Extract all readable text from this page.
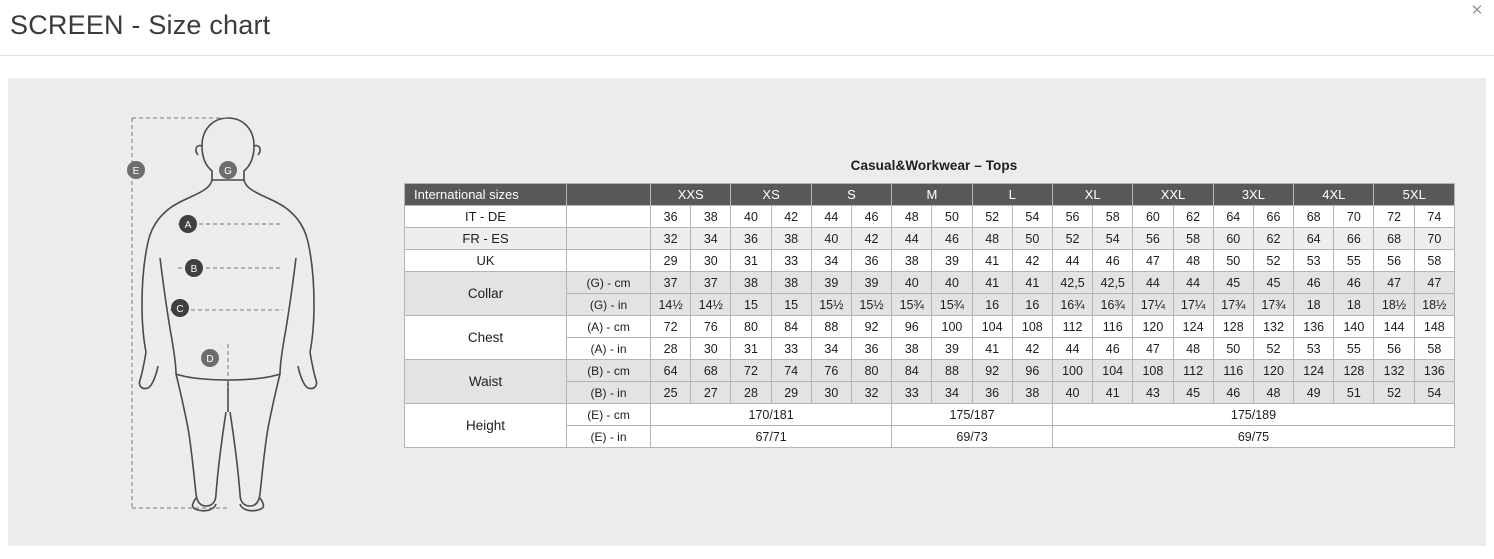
SCREEN - Size chart	✕
E	G
A
B
C
D
Casual&Workwear – Tops
International sizes		XXS		XS		S		M		L		XL		XXL		3XL		4XL		5XL	
IT - DE		36	38	40	42	44	46	48	50	52	54	56	58	60	62	64	66	68	70	72	74
FR - ES		32	34	36	38	40	42	44	46	48	50	52	54	56	58	60	62	64	66	68	70
UK		29	30	31	33	34	36	38	39	41	42	44	46	47	48	50	52	53	55	56	58
Collar	(G) - cm	37	37	38	38	39	39	40	40	41	41	42,5	42,5	44	44	45	45	46	46	47	47
	(G) - in	14½	14½	15	15	15½	15½	15¾	15¾	16	16	16¾	16¾	17¼	17¼	17¾	17¾	18	18	18½	18½
Chest	(A) - cm	72	76	80	84	88	92	96	100	104	108	112	116	120	124	128	132	136	140	144	148
	(A) - in	28	30	31	33	34	36	38	39	41	42	44	46	47	48	50	52	53	55	56	58
Waist	(B) - cm	64	68	72	74	76	80	84	88	92	96	100	104	108	112	116	120	124	128	132	136
	(B) - in	25	27	28	29	30	32	33	34	36	38	40	41	43	45	46	48	49	51	52	54
Height	(E) - cm	170/181						175/187				175/189									
	(E) - in	67/71						69/73				69/75									
